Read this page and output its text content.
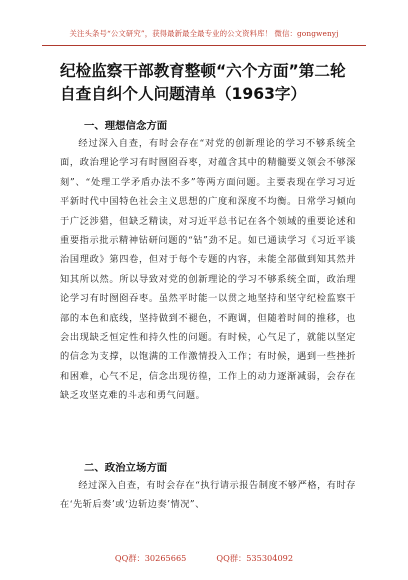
关注头条号“公文研究”，获得最新最全最专业的公文资料库！ 微信：gongwenyj
纪检监察干部教育整顿“六个方面”第二轮自查自纠个人问题清单（1963字）
一、理想信念方面

经过深入自查，有时会存在“对党的创新理论的学习不够系统全面，政治理论学习有时囫囵吞枣，对蕴含其中的精髓要义领会不够深刻”、“处理工学矛盾办法不多”等两方面问题。主要表现在学习习近平新时代中国特色社会主义思想的广度和深度不均衡。日常学习倾向于广泛涉猎，但缺乏精读，对习近平总书记在各个领域的重要论述和重要指示批示精神钻研问题的“钻”劲不足。如已通读学习《习近平谈治国理政》第四卷，但对于每个专题的内容，未能全部做到知其然并知其所以然。所以导致对党的创新理论的学习不够系统全面，政治理论学习有时囫囵吞枣。虽然平时能一以贯之地坚持和坚守纪检监察干部的本色和底线，坚持做到不褪色，不跑调，但随着时间的推移，也会出现缺乏恒定性和持久性的问题。有时候，心气足了，就能以坚定的信念为支撑，以饱满的工作激情投入工作；有时候，遇到一些挫折和困难，心气不足，信念出现彷徨，工作上的动力逐渐减弱，会存在缺乏攻坚克难的斗志和勇气问题。

二、政治立场方面

经过深入自查，有时会存在“执行请示报告制度不够严格，有时存在‘先斩后奏’或‘边斩边奏’情况”、

QQ群：30265665	QQ群：535304092
